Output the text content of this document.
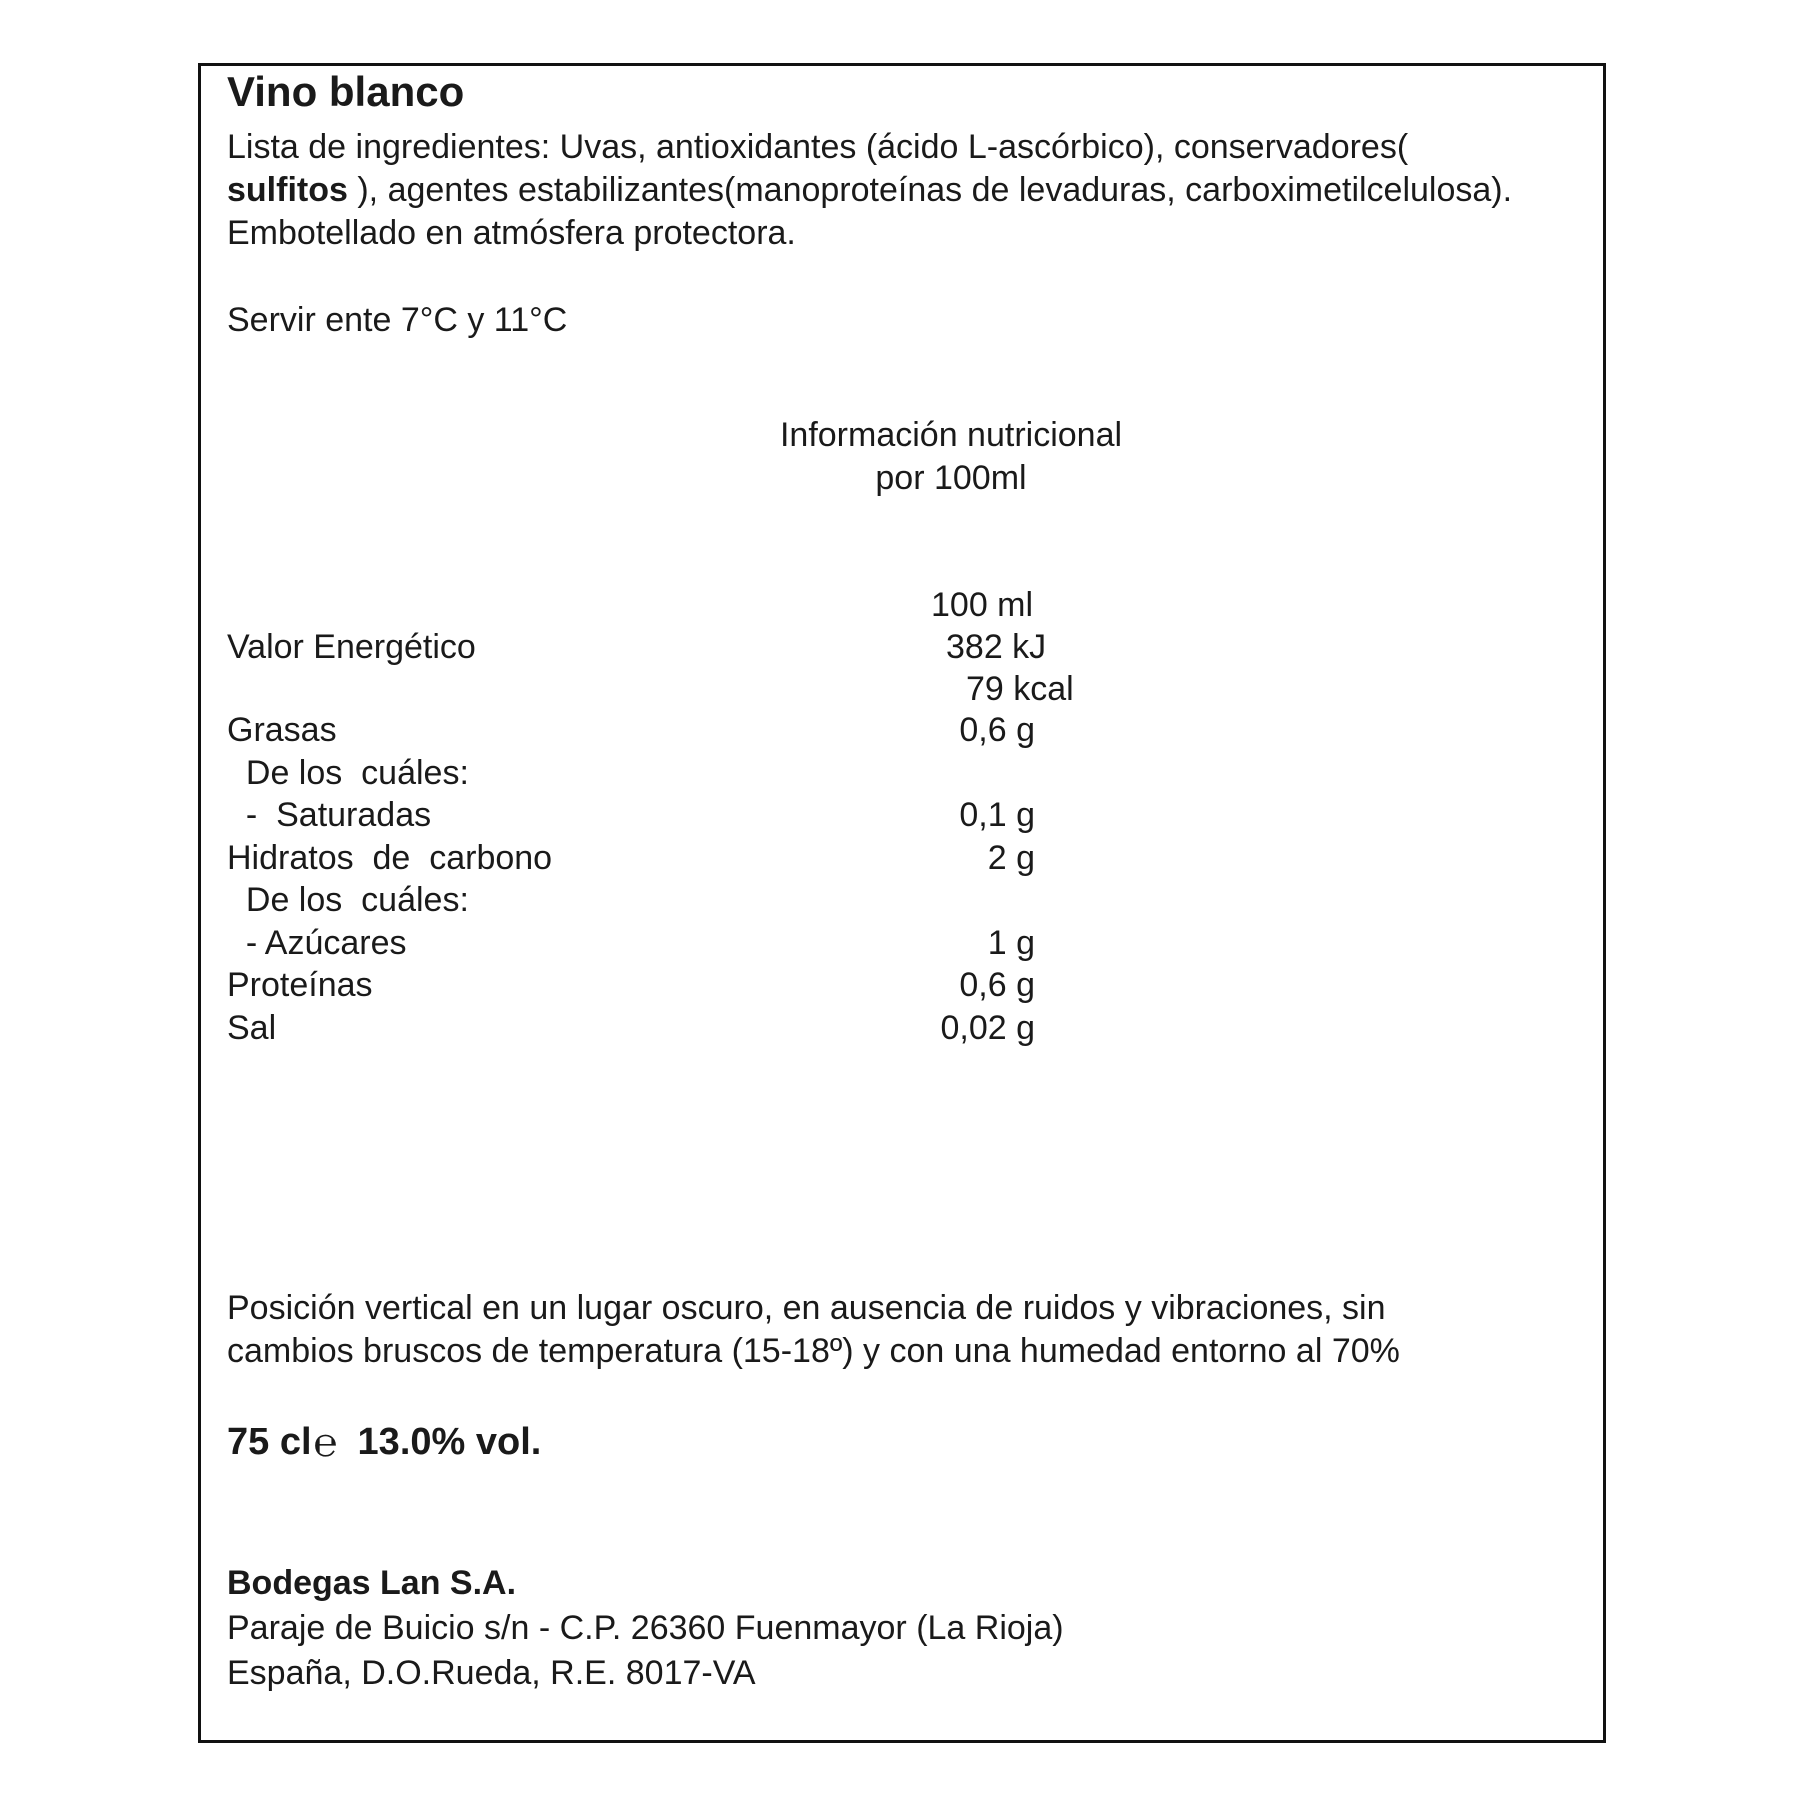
Vino blanco
Lista de ingredientes: Uvas, antioxidantes (ácido L-ascórbico), conservadores(
sulfitos ), agentes estabilizantes(manoproteínas de levaduras, carboximetilcelulosa). Embotellado en atmósfera protectora.
Servir ente 7°C y 11°C
Información nutricional
por 100ml
100 ml
Valor Energético	382 kJ
79 kcal
Grasas	0,6 g
De los  cuáles:
-  Saturadas	0,1 g
Hidratos  de  carbono	2 g
De los  cuáles:
- Azúcares	1 g
Proteínas	0,6 g
Sal	0,02 g
Posición vertical en un lugar oscuro, en ausencia de ruidos y vibraciones, sin
cambios bruscos de temperatura (15-18º) y con una humedad entorno al 70%
75 cl℮ 13.0% vol.
Bodegas Lan S.A.
Paraje de Buicio s/n - C.P. 26360 Fuenmayor (La Rioja)
España, D.O.Rueda, R.E. 8017-VA
